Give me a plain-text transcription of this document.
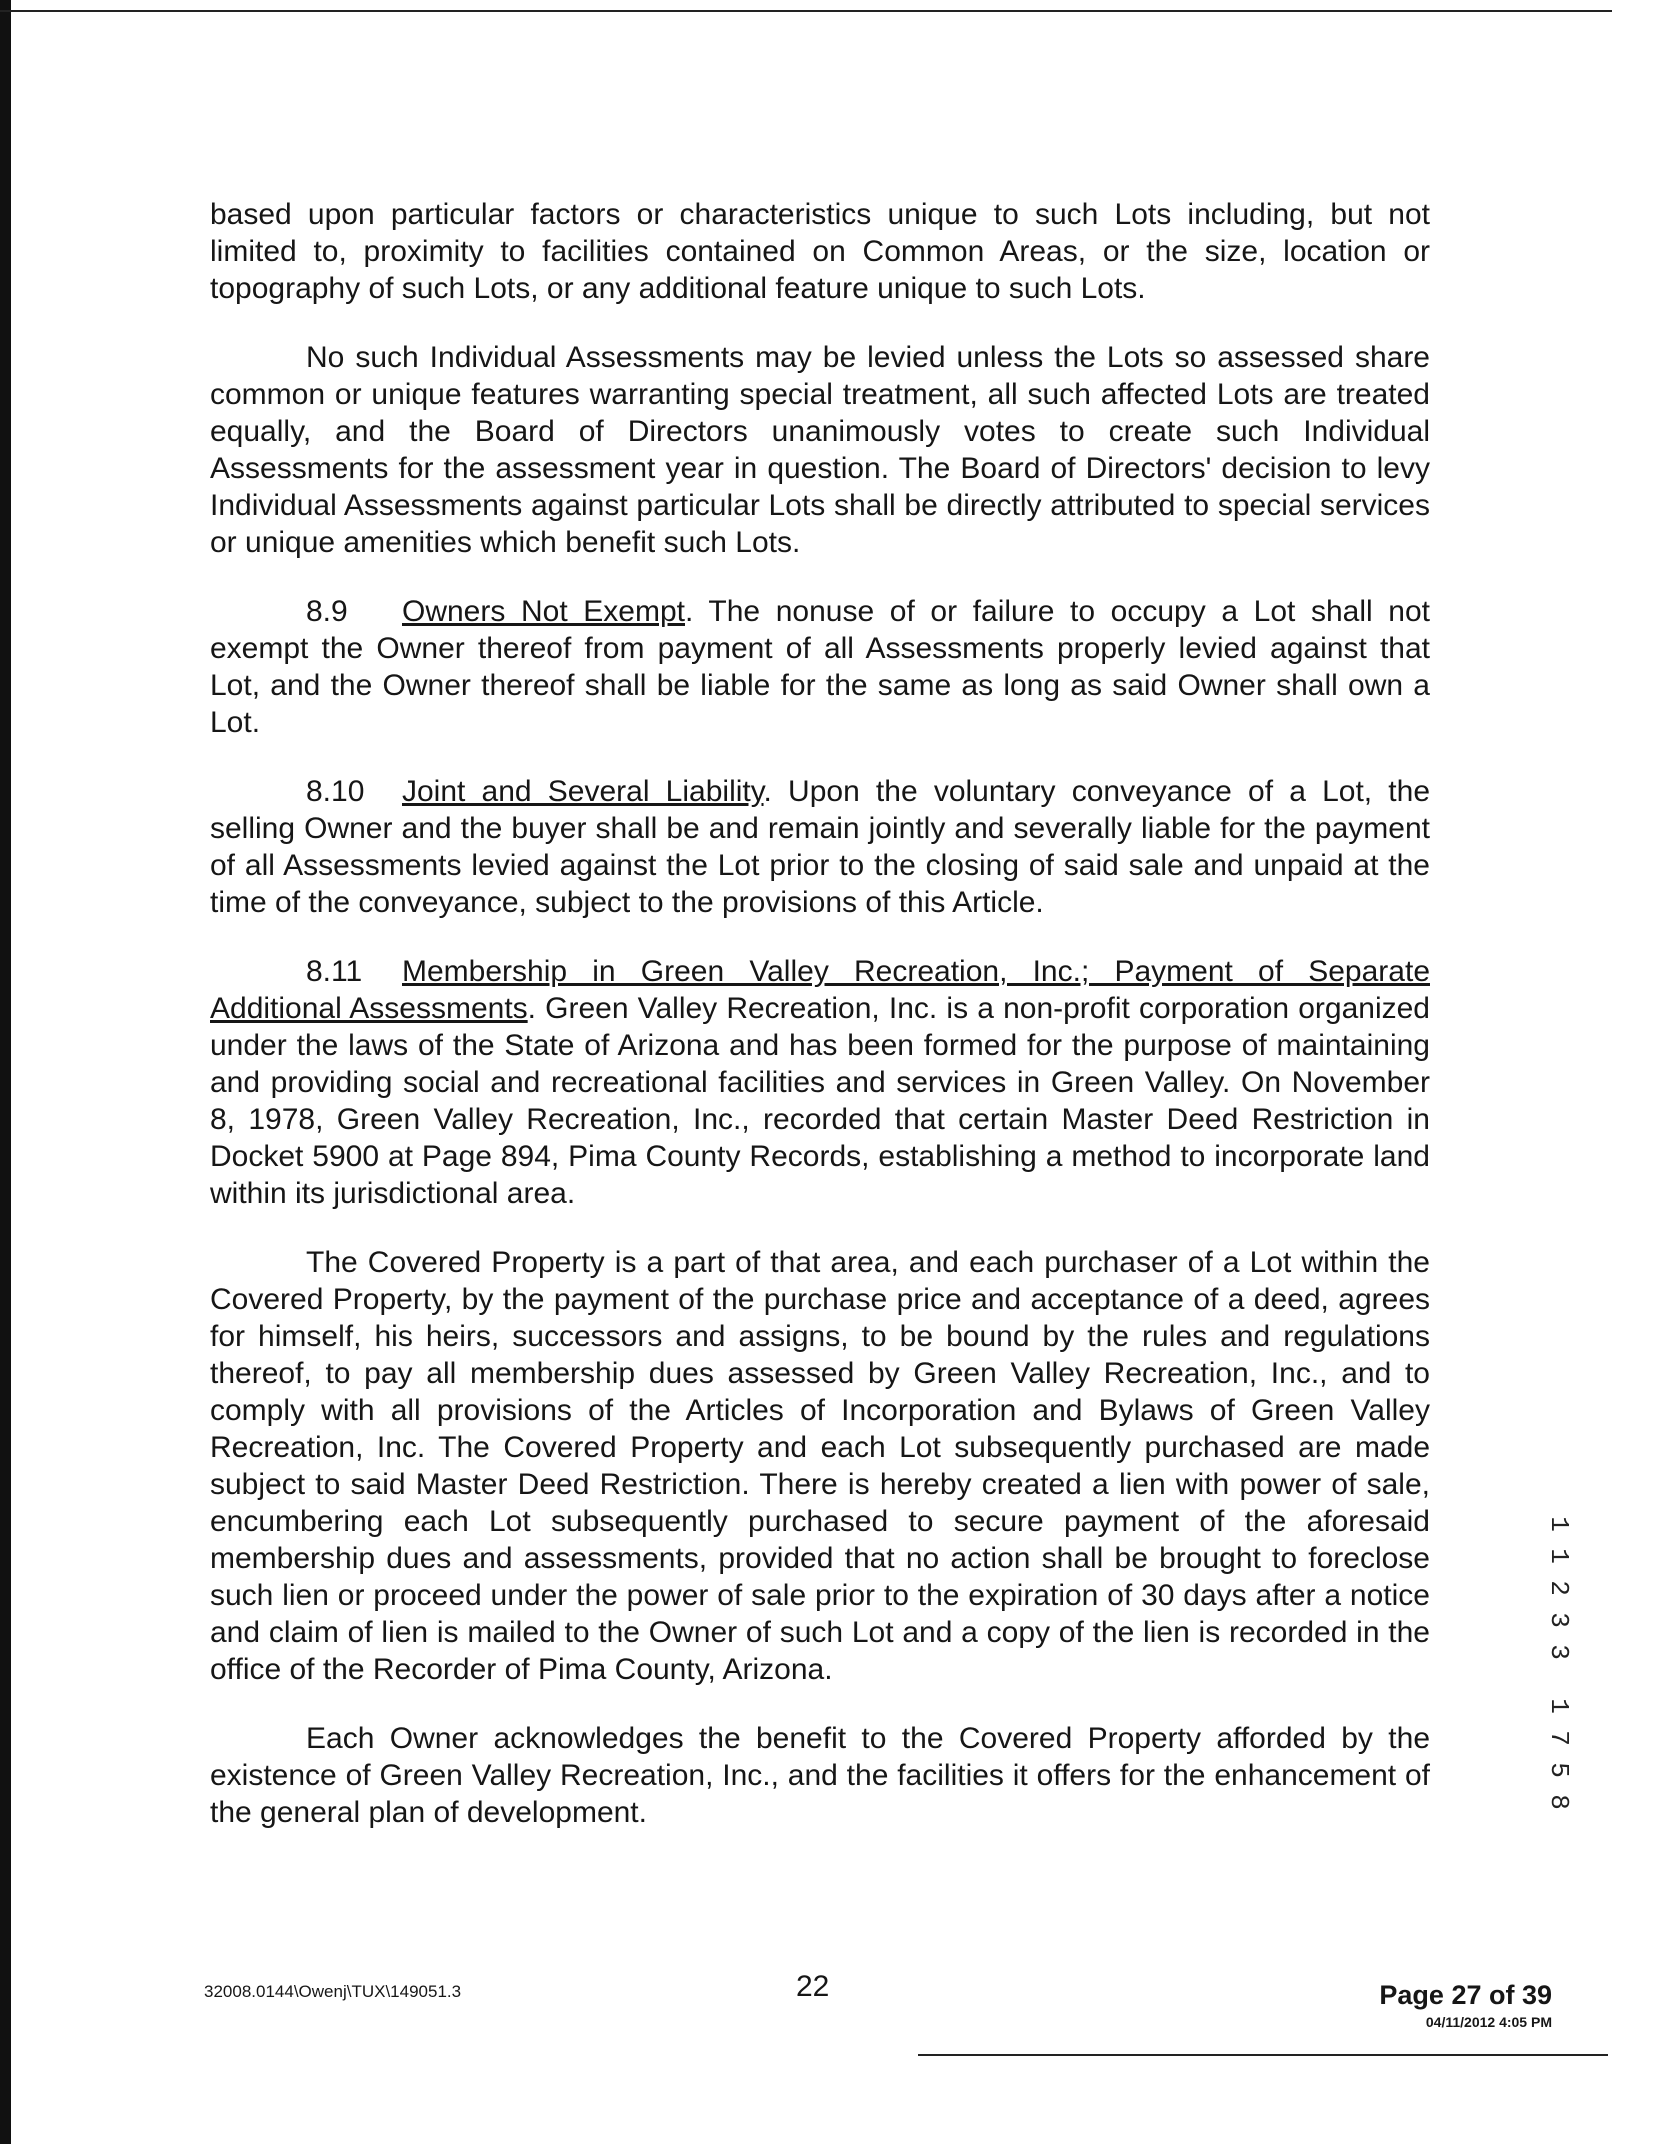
based upon particular factors or characteristics unique to such Lots including, but not limited to, proximity to facilities contained on Common Areas, or the size, location or topography of such Lots, or any additional feature unique to such Lots.

No such Individual Assessments may be levied unless the Lots so assessed share common or unique features warranting special treatment, all such affected Lots are treated equally, and the Board of Directors unanimously votes to create such Individual Assessments for the assessment year in question. The Board of Directors' decision to levy Individual Assessments against particular Lots shall be directly attributed to special services or unique amenities which benefit such Lots.

8.9 Owners Not Exempt. The nonuse of or failure to occupy a Lot shall not exempt the Owner thereof from payment of all Assessments properly levied against that Lot, and the Owner thereof shall be liable for the same as long as said Owner shall own a Lot.

8.10 Joint and Several Liability. Upon the voluntary conveyance of a Lot, the selling Owner and the buyer shall be and remain jointly and severally liable for the payment of all Assessments levied against the Lot prior to the closing of said sale and unpaid at the time of the conveyance, subject to the provisions of this Article.

8.11 Membership in Green Valley Recreation, Inc.; Payment of Separate Additional Assessments. Green Valley Recreation, Inc. is a non-profit corporation organized under the laws of the State of Arizona and has been formed for the purpose of maintaining and providing social and recreational facilities and services in Green Valley. On November 8, 1978, Green Valley Recreation, Inc., recorded that certain Master Deed Restriction in Docket 5900 at Page 894, Pima County Records, establishing a method to incorporate land within its jurisdictional area.

The Covered Property is a part of that area, and each purchaser of a Lot within the Covered Property, by the payment of the purchase price and acceptance of a deed, agrees for himself, his heirs, successors and assigns, to be bound by the rules and regulations thereof, to pay all membership dues assessed by Green Valley Recreation, Inc., and to comply with all provisions of the Articles of Incorporation and Bylaws of Green Valley Recreation, Inc. The Covered Property and each Lot subsequently purchased are made subject to said Master Deed Restriction. There is hereby created a lien with power of sale, encumbering each Lot subsequently purchased to secure payment of the aforesaid membership dues and assessments, provided that no action shall be brought to foreclose such lien or proceed under the power of sale prior to the expiration of 30 days after a notice and claim of lien is mailed to the Owner of such Lot and a copy of the lien is recorded in the office of the Recorder of Pima County, Arizona.

Each Owner acknowledges the benefit to the Covered Property afforded by the existence of Green Valley Recreation, Inc., and the facilities it offers for the enhancement of the general plan of development.

1
1
2
3
3
1
7
5
8
32008.0144\Owenj\TUX\149051.3	22	Page 27 of 39
04/11/2012 4:05 PM
